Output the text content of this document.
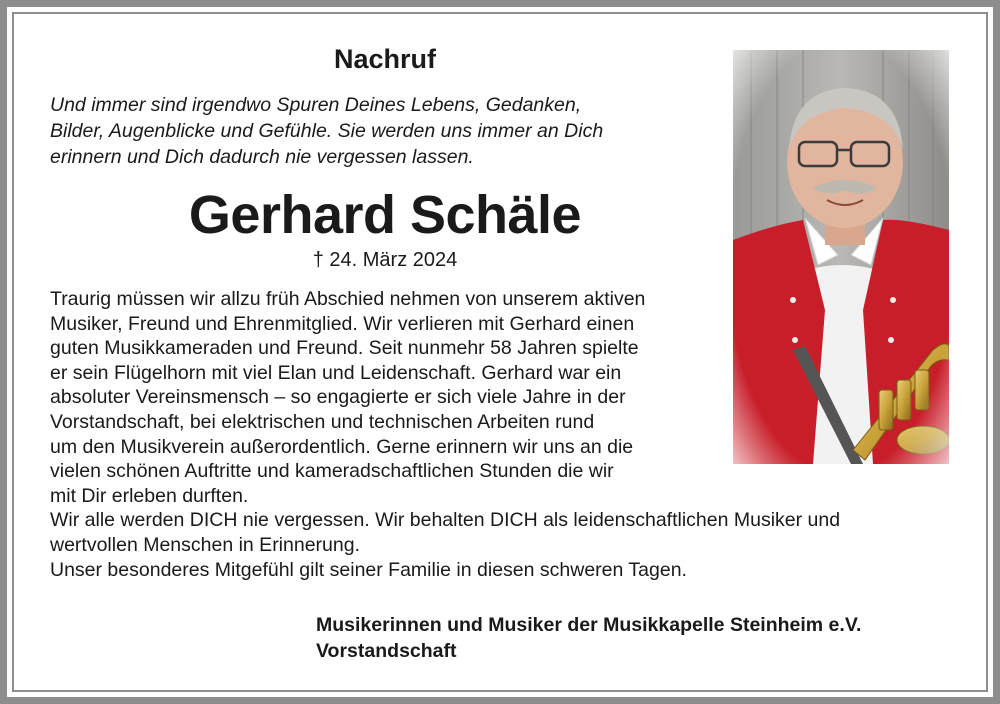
Nachruf

Und immer sind irgendwo Spuren Deines Lebens, Gedanken,
Bilder, Augenblicke und Gefühle. Sie werden uns immer an Dich
erinnern und Dich dadurch nie vergessen lassen.

Gerhard Schäle

† 24. März 2024

Traurig müssen wir allzu früh Abschied nehmen von unserem aktiven
Musiker, Freund und Ehrenmitglied. Wir verlieren mit Gerhard einen
guten Musikkameraden und Freund. Seit nunmehr 58 Jahren spielte
er sein Flügelhorn mit viel Elan und Leidenschaft. Gerhard war ein
absoluter Vereinsmensch – so engagierte er sich viele Jahre in der
Vorstandschaft, bei elektrischen und technischen Arbeiten rund
um den Musikverein außerordentlich. Gerne erinnern wir uns an die
vielen schönen Auftritte und kameradschaftlichen Stunden die wir
mit Dir erleben durften.
Wir alle werden DICH nie vergessen. Wir behalten DICH als leidenschaftlichen Musiker und
wertvollen Menschen in Erinnerung.
Unser besonderes Mitgefühl gilt seiner Familie in diesen schweren Tagen.

Musikerinnen und Musiker der Musikkapelle Steinheim e.V.
Vorstandschaft
